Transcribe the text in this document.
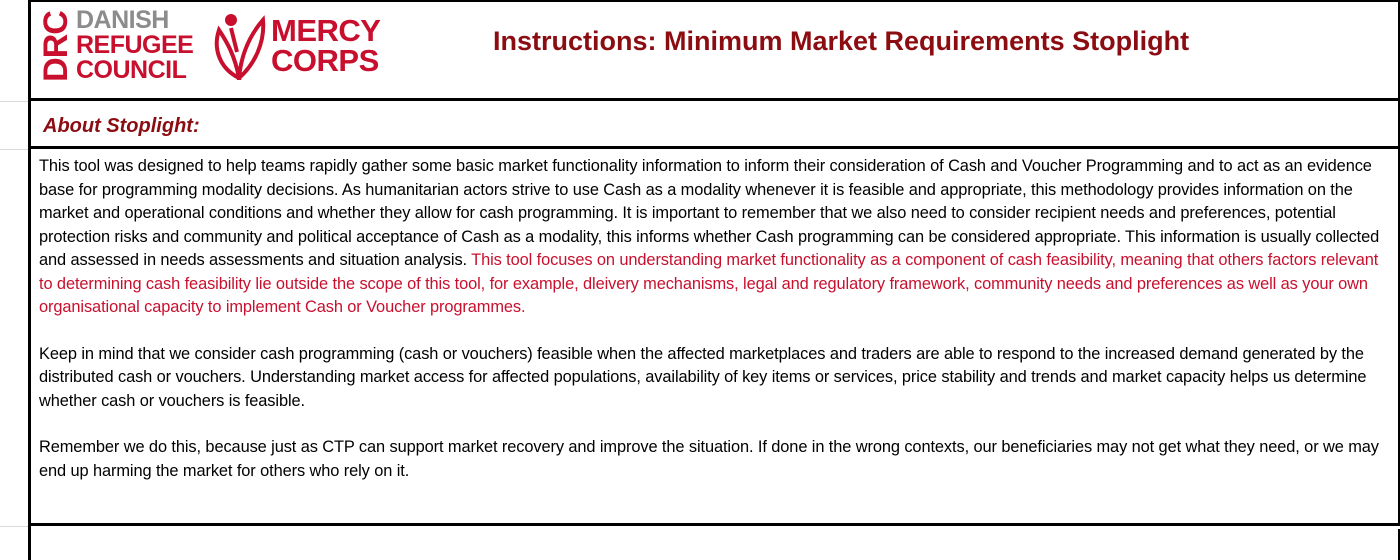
DRC DANISH
REFUGEE
COUNCIL
MERCY
CORPS
Instructions: Minimum Market Requirements Stoplight
About Stoplight:

This tool was designed to help teams rapidly gather some basic market functionality information to inform their consideration of Cash and Voucher Programming and to act as an evidence base for programming modality decisions. As humanitarian actors strive to use Cash as a modality whenever it is feasible and appropriate, this methodology provides information on the market and operational conditions and whether they allow for cash programming. It is important to remember that we also need to consider recipient needs and preferences, potential protection risks and community and political acceptance of Cash as a modality, this informs whether Cash programming can be considered appropriate. This information is usually collected and assessed in needs assessments and situation analysis. This tool focuses on understanding market functionality as a component of cash feasibility, meaning that others factors relevant to determining cash feasibility lie outside the scope of this tool, for example, dleivery mechanisms, legal and regulatory framework, community needs and preferences as well as your own organisational capacity to implement Cash or Voucher programmes.

Keep in mind that we consider cash programming (cash or vouchers) feasible when the affected marketplaces and traders are able to respond to the increased demand generated by the distributed cash or vouchers. Understanding market access for affected populations, availability of key items or services, price stability and trends and market capacity helps us determine whether cash or vouchers is feasible.

Remember we do this, because just as CTP can support market recovery and improve the situation. If done in the wrong contexts, our beneficiaries may not get what they need, or we may end up harming the market for others who rely on it.
